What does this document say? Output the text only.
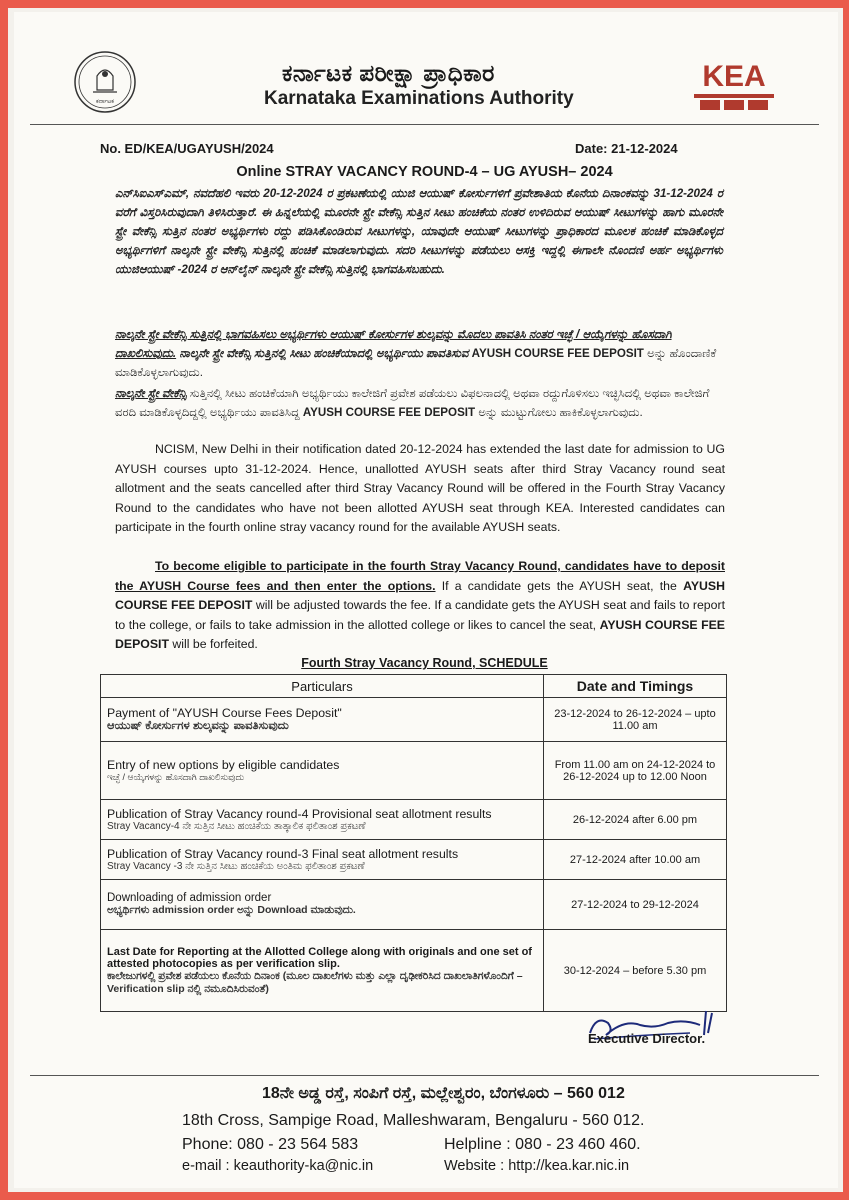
ಕರ್ನಾಟಕ
ಕರ್ನಾಟಕ ಪರೀಕ್ಷಾ ಪ್ರಾಧಿಕಾರ
Karnataka Examinations Authority
KEA
No. ED/KEA/UGAYUSH/2024	Date: 21-12-2024
Online STRAY VACANCY ROUND-4 – UG AYUSH– 2024
ಎನ್‌ಸಿಐಎಸ್‌ಎಮ್, ನವದೆಹಲಿ ಇವರು 20-12-2024 ರ ಪ್ರಕಟಣೆಯಲ್ಲಿ ಯುಜಿ ಆಯುಷ್ ಕೋರ್ಸುಗಳಿಗೆ ಪ್ರವೇಶಾತಿಯ ಕೊನೆಯ ದಿನಾಂಕವನ್ನು 31-12-2024 ರ ವರೆಗೆ ವಿಸ್ತರಿಸಿರುವುದಾಗಿ ತಿಳಿಸಿರುತ್ತಾರೆ. ಈ ಹಿನ್ನಲೆಯಲ್ಲಿ ಮೂರನೇ ಸ್ಟ್ರೇ ವೇಕೆನ್ಸಿ ಸುತ್ತಿನ ಸೀಟು ಹಂಚಿಕೆಯ ನಂತರ ಉಳಿದಿರುವ ಆಯುಷ್ ಸೀಟುಗಳನ್ನು ಹಾಗು ಮೂರನೇ ಸ್ಟ್ರೇ ವೇಕೆನ್ಸಿ ಸುತ್ತಿನ ನಂತರ ಅಭ್ಯರ್ಥಿಗಳು ರದ್ದು ಪಡಿಸಿಕೊಂಡಿರುವ ಸೀಟುಗಳನ್ನು, ಯಾವುದೇ ಆಯುಷ್ ಸೀಟುಗಳನ್ನು ಪ್ರಾಧಿಕಾರದ ಮೂಲಕ ಹಂಚಿಕೆ ಮಾಡಿಕೊಳ್ಳದ ಅಭ್ಯರ್ಥಿಗಳಿಗೆ ನಾಲ್ಕನೇ ಸ್ಟ್ರೇ ವೇಕೆನ್ಸಿ ಸುತ್ತಿನಲ್ಲಿ ಹಂಚಿಕೆ ಮಾಡಲಾಗುವುದು. ಸದರಿ ಸೀಟುಗಳನ್ನು ಪಡೆಯಲು ಆಸಕ್ತಿ ಇದ್ದಲ್ಲಿ ಈಗಾಲೇ ನೊಂದಣಿ ಅರ್ಹ ಅಭ್ಯರ್ಥಿಗಳು ಯುಜಿಆಯುಷ್ -2024 ರ ಆನ್‌ಲೈನ್ ನಾಲ್ಕನೇ ಸ್ಟ್ರೇ ವೇಕೆನ್ಸಿ ಸುತ್ತಿನಲ್ಲಿ ಭಾಗವಹಿಸಬಹುದು.
ನಾಲ್ಕನೇ ಸ್ಟ್ರೇ ವೇಕೆನ್ಸಿ ಸುತ್ತಿನಲ್ಲಿ ಭಾಗವಹಿಸಲು ಅಭ್ಯರ್ಥಿಗಳು ಆಯುಷ್ ಕೋರ್ಸುಗಳ ಶುಲ್ಕವನ್ನು ಮೊದಲು ಪಾವತಿಸಿ ನಂತರ ಇಚ್ಛೆ / ಆಯ್ಕೆಗಳನ್ನು ಹೊಸದಾಗಿ ದಾಖಲಿಸುವುದು. ನಾಲ್ಕನೇ ಸ್ಟ್ರೇ ವೇಕೆನ್ಸಿ ಸುತ್ತಿನಲ್ಲಿ ಸೀಟು ಹಂಚಿಕೆಯಾದಲ್ಲಿ ಅಭ್ಯರ್ಥಿಯು ಪಾವತಿಸುವ AYUSH COURSE FEE DEPOSIT ಅನ್ನು ಹೊಂದಾಣಿಕೆ ಮಾಡಿಕೊಳ್ಳಲಾಗುವುದು.
ನಾಲ್ಕನೇ ಸ್ಟ್ರೇ ವೇಕೆನ್ಸಿ ಸುತ್ತಿನಲ್ಲಿ ಸೀಟು ಹಂಚಿಕೆಯಾಗಿ ಅಭ್ಯರ್ಥಿಯು ಕಾಲೇಜಿಗೆ ಪ್ರವೇಶ ಪಡೆಯಲು ವಿಫಲನಾದಲ್ಲಿ ಅಥವಾ ರದ್ದುಗೊಳಿಸಲು ಇಚ್ಛಿಸಿದಲ್ಲಿ ಅಥವಾ ಕಾಲೇಜಿಗೆ ವರದಿ ಮಾಡಿಕೊಳ್ಳದಿದ್ದಲ್ಲಿ ಅಭ್ಯರ್ಥಿಯು ಪಾವತಿಸಿದ್ದ AYUSH COURSE FEE DEPOSIT ಅನ್ನು ಮುಟ್ಟುಗೋಲು ಹಾಕಿಕೊಳ್ಳಲಾಗುವುದು.
NCISM, New Delhi in their notification dated 20-12-2024 has extended the last date for admission to UG AYUSH courses upto 31-12-2024. Hence, unallotted AYUSH seats after third Stray Vacancy round seat allotment and the seats cancelled after third Stray Vacancy Round will be offered in the Fourth Stray Vacancy Round to the candidates who have not been allotted AYUSH seat through KEA. Interested candidates can participate in the fourth online stray vacancy round for the available AYUSH seats.
To become eligible to participate in the fourth Stray Vacancy Round, candidates have to deposit the AYUSH Course fees and then enter the options. If a candidate gets the AYUSH seat, the AYUSH COURSE FEE DEPOSIT will be adjusted towards the fee. If a candidate gets the AYUSH seat and fails to report to the college, or fails to take admission in the allotted college or likes to cancel the seat, AYUSH COURSE FEE DEPOSIT will be forfeited.
Fourth Stray Vacancy Round, SCHEDULE
Particulars	Date and Timings

Payment of "AYUSH Course Fees Deposit"
ಆಯುಷ್ ಕೋರ್ಸುಗಳ ಶುಲ್ಕವನ್ನು ಪಾವತಿಸುವುದು	23-12-2024 to 26-12-2024 – upto 11.00 am

Entry of new options by eligible candidates
ಇಚ್ಛೆ / ಆಯ್ಕೆಗಳನ್ನು ಹೊಸದಾಗಿ ದಾಖಲಿಸುವುದು	From 11.00 am on 24-12-2024 to 26-12-2024 up to 12.00 Noon

Publication of Stray Vacancy round-4 Provisional seat allotment results
Stray Vacancy-4 ನೇ ಸುತ್ತಿನ ಸೀಟು ಹಂಚಿಕೆಯ ತಾತ್ಕಾಲಿಕ ಫಲಿತಾಂಶ ಪ್ರಕಟಣೆ	26-12-2024 after 6.00 pm

Publication of Stray Vacancy round-3 Final seat allotment results
Stray Vacancy -3 ನೇ ಸುತ್ತಿನ ಸೀಟು ಹಂಚಿಕೆಯ ಅಂತಿಮ ಫಲಿತಾಂಶ ಪ್ರಕಟಣೆ	27-12-2024 after 10.00 am

Downloading of admission order
ಅಭ್ಯರ್ಥಿಗಳು admission order ಅನ್ನು Download ಮಾಡುವುದು.	27-12-2024 to 29-12-2024

Last Date for Reporting at the Allotted College along with originals and one set of attested photocopies as per verification slip.
ಕಾಲೇಜುಗಳಲ್ಲಿ ಪ್ರವೇಶ ಪಡೆಯಲು ಕೊನೆಯ ದಿನಾಂಕ (ಮೂಲ ದಾಖಲೆಗಳು ಮತ್ತು ಎಲ್ಲಾ ದೃಢೀಕರಿಸಿದ ದಾಖಲಾತಿಗಳೊಂದಿಗೆ – Verification slip ನಲ್ಲಿ ನಮೂದಿಸಿರುವಂತೆ)	30-12-2024 – before 5.30 pm
Executive Director.
18ನೇ ಅಡ್ಡ ರಸ್ತೆ, ಸಂಪಿಗೆ ರಸ್ತೆ, ಮಲ್ಲೇಶ್ವರಂ, ಬೆಂಗಳೂರು – 560 012
18th Cross, Sampige Road, Malleshwaram, Bengaluru - 560 012.
Phone: 080 - 23 564 583	Helpline : 080 - 23 460 460.
e-mail : keauthority-ka@nic.in	Website : http://kea.kar.nic.in
